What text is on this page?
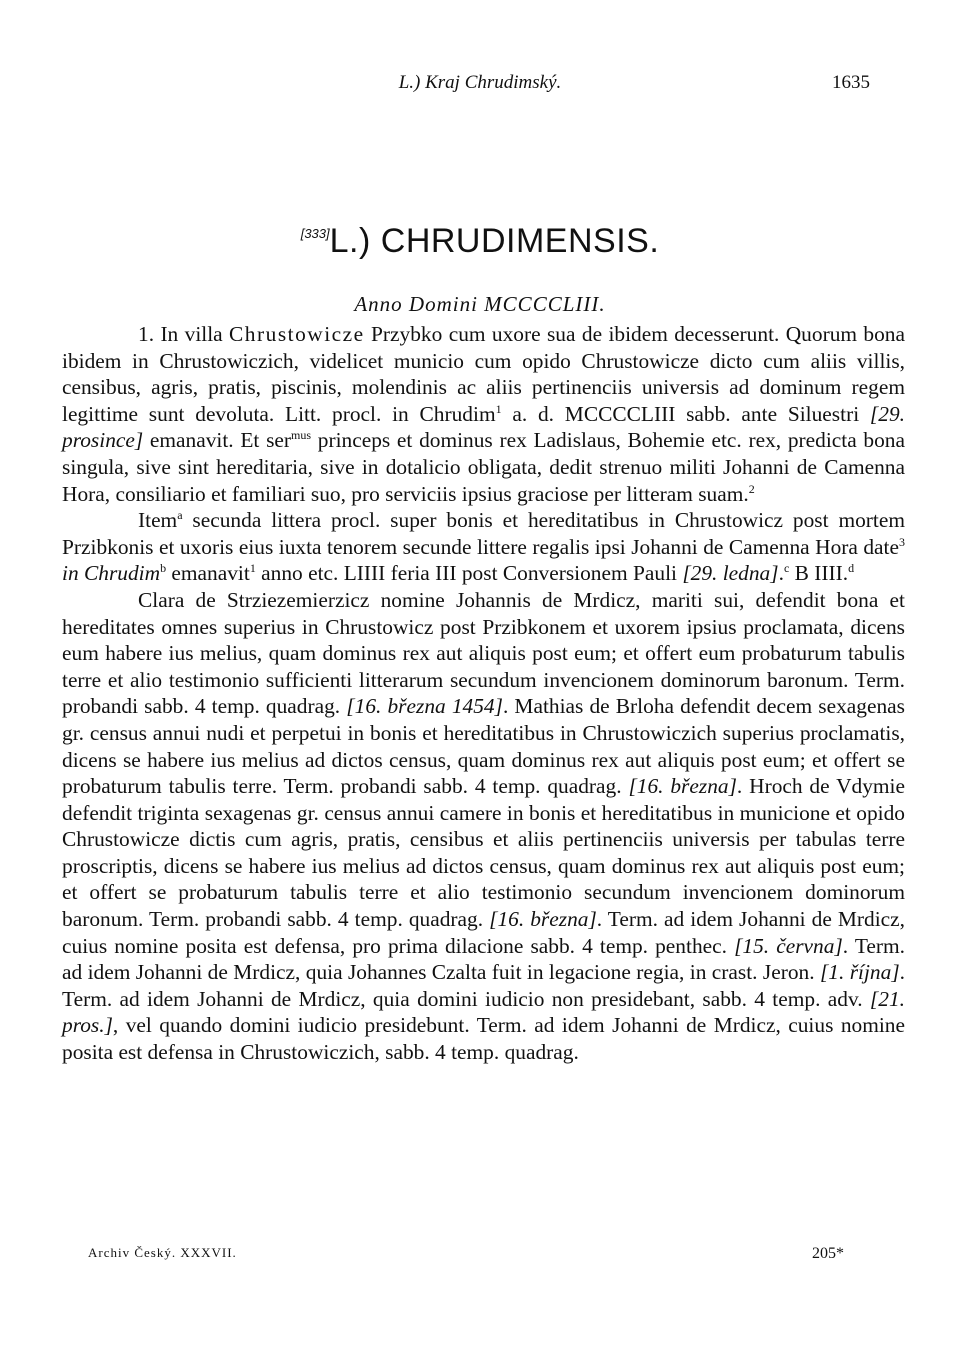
L.) Kraj Chrudimský.	1635
[333]L.) CHRUDIMENSIS.
Anno Domini MCCCCLIII.

1. In villa Chrustowicze Przybko cum uxore sua de ibidem decesserunt. Quorum bona ibidem in Chrustowiczich, videlicet municio cum opido Chrustowicze dicto cum aliis villis, censibus, agris, pratis, piscinis, molendinis ac aliis pertinenciis universis ad dominum regem legittime sunt devoluta. Litt. procl. in Chrudim$^1$ a. d. MCCCCLIII sabb. ante Siluestri [29. prosince] emanavit. Et ser$^{mus}$ princeps et dominus rex Ladislaus, Bohemie etc. rex, predicta bona singula, sive sint hereditaria, sive in dotalicio obligata, dedit strenuo militi Johanni de Camenna Hora, consiliario et familiari suo, pro serviciis ipsius graciose per litteram suam.$^2$

Item$^a$ secunda littera procl. super bonis et hereditatibus in Chrustowicz post mortem Przibkonis et uxoris eius iuxta tenorem secunde littere regalis ipsi Johanni de Camenna Hora date$^3$ in Chrudim$^b$ emanavit$^1$ anno etc. LIIII feria III post Conversionem Pauli [29. ledna].$^c$ B IIII.$^d$

Clara de Strziezemierzicz nomine Johannis de Mrdicz, mariti sui, defendit bona et hereditates omnes superius in Chrustowicz post Przibkonem et uxorem ipsius proclamata, dicens eum habere ius melius, quam dominus rex aut aliquis post eum; et offert eum probaturum tabulis terre et alio testimonio sufficienti litterarum secundum invencionem dominorum baronum. Term. probandi sabb. 4 temp. quadrag. [16. března 1454]. Mathias de Brloha defendit decem sexagenas gr. census annui nudi et perpetui in bonis et hereditatibus in Chrustowiczich superius proclamatis, dicens se habere ius melius ad dictos census, quam dominus rex aut aliquis post eum; et offert se probaturum tabulis terre. Term. probandi sabb. 4 temp. quadrag. [16. března]. Hroch de Vdymie defendit triginta sexagenas gr. census annui camere in bonis et hereditatibus in municione et opido Chrustowicze dictis cum agris, pratis, censibus et aliis pertinenciis universis per tabulas terre proscriptis, dicens se habere ius melius ad dictos census, quam dominus rex aut aliquis post eum; et offert se probaturum tabulis terre et alio testimonio secundum invencionem dominorum baronum. Term. probandi sabb. 4 temp. quadrag. [16. března]. Term. ad idem Johanni de Mrdicz, cuius nomine posita est defensa, pro prima dilacione sabb. 4 temp. penthec. [15. června]. Term. ad idem Johanni de Mrdicz, quia Johannes Czalta fuit in legacione regia, in crast. Jeron. [1. října]. Term. ad idem Johanni de Mrdicz, quia domini iudicio non presidebant, sabb. 4 temp. adv. [21. pros.], vel quando domini iudicio presidebunt. Term. ad idem Johanni de Mrdicz, cuius nomine posita est defensa in Chrustowiczich, sabb. 4 temp. quadrag.

Archiv Český. XXXVII.	205*
